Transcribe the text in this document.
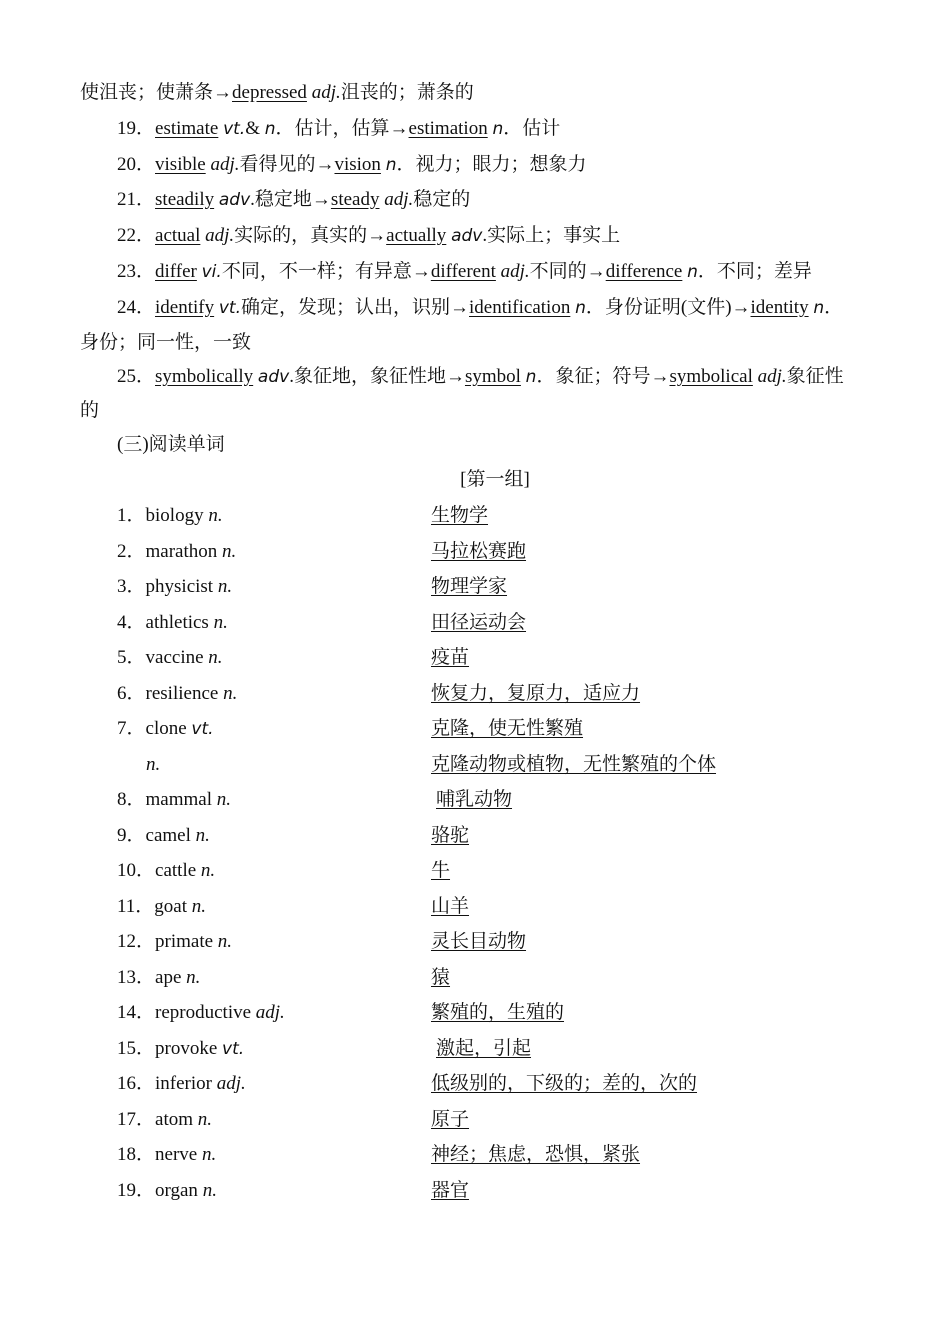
使沮丧；使萧条→depressed adj.沮丧的；萧条的
19．estimate vt.& n．估计，估算→estimation n．估计
20．visible adj.看得见的→vision n．视力；眼力；想象力
21．steadily adv.稳定地→steady adj.稳定的
22．actual adj.实际的，真实的→actually adv.实际上；事实上
23．differ vi.不同，不一样；有异意→different adj.不同的→difference n．不同；差异
24．identify vt.确定，发现；认出，识别→identification n．身份证明(文件)→identity n．
身份；同一性，一致
25．symbolically adv.象征地，象征性地→symbol n．象征；符号→symbolical adj.象征性
的
(三)阅读单词
[第一组]
1．biology n.	生物学
2．marathon n.	马拉松赛跑
3．physicist n.	物理学家
4．athletics n.	田径运动会
5．vaccine n.	疫苗
6．resilience n.	恢复力，复原力，适应力
7．clone vt.	克隆，使无性繁殖
n.	克隆动物或植物，无性繁殖的个体
8．mammal n.	哺乳动物
9．camel n.	骆驼
10．cattle n.	牛
11．goat n.	山羊
12．primate n.	灵长目动物
13．ape n.	猿
14．reproductive adj.	繁殖的，生殖的
15．provoke vt.	激起，引起
16．inferior adj.	低级别的，下级的；差的，次的
17．atom n.	原子
18．nerve n.	神经；焦虑，恐惧，紧张
19．organ n.	器官
